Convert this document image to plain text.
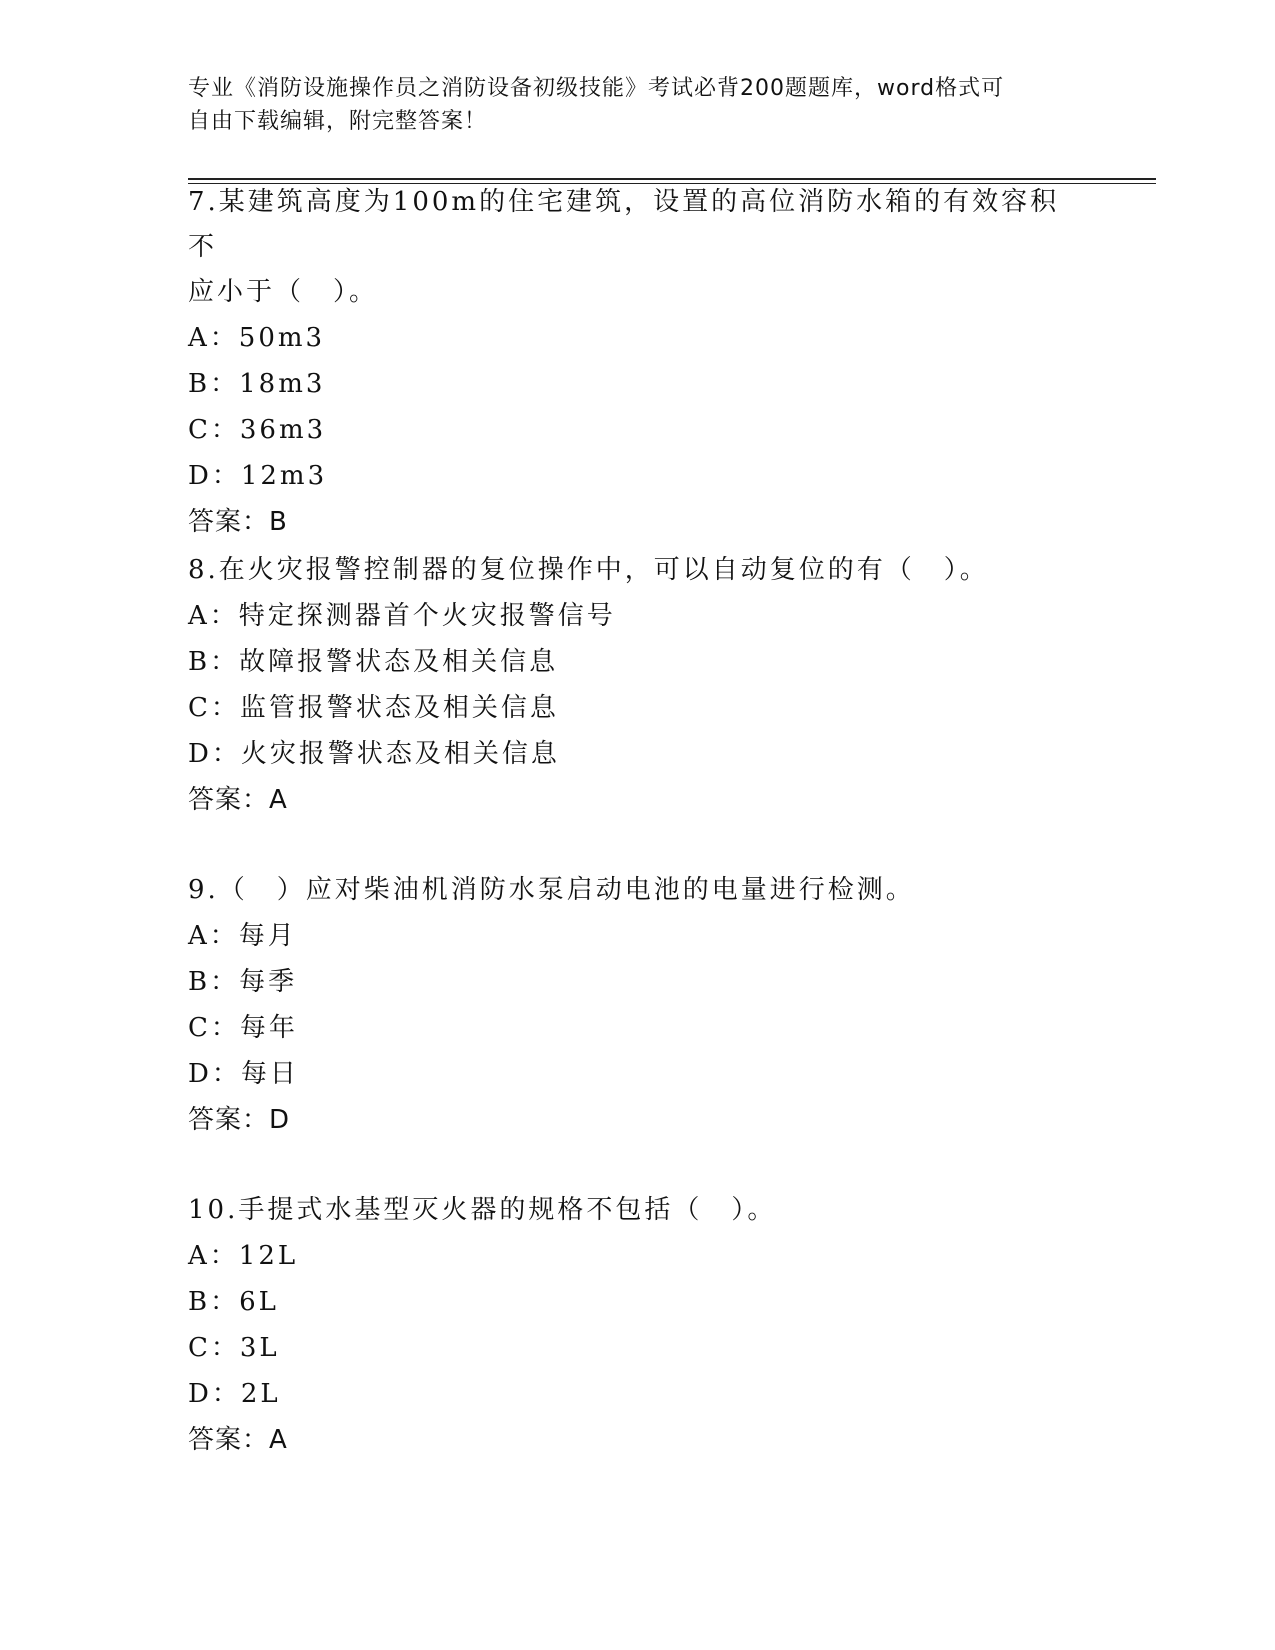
专业《消防设施操作员之消防设备初级技能》考试必背200题题库，word格式可
自由下载编辑，附完整答案！
7.某建筑高度为100m的住宅建筑，设置的高位消防水箱的有效容积不
应小于（　）。
A：50m3
B：18m3
C：36m3
D：12m3
答案：B
8.在火灾报警控制器的复位操作中，可以自动复位的有（　）。
A：特定探测器首个火灾报警信号
B：故障报警状态及相关信息
C：监管报警状态及相关信息
D：火灾报警状态及相关信息
答案：A
9.（　）应对柴油机消防水泵启动电池的电量进行检测。
A：每月
B：每季
C：每年
D：每日
答案：D
10.手提式水基型灭火器的规格不包括（　）。
A：12L
B：6L
C：3L
D：2L
答案：A
